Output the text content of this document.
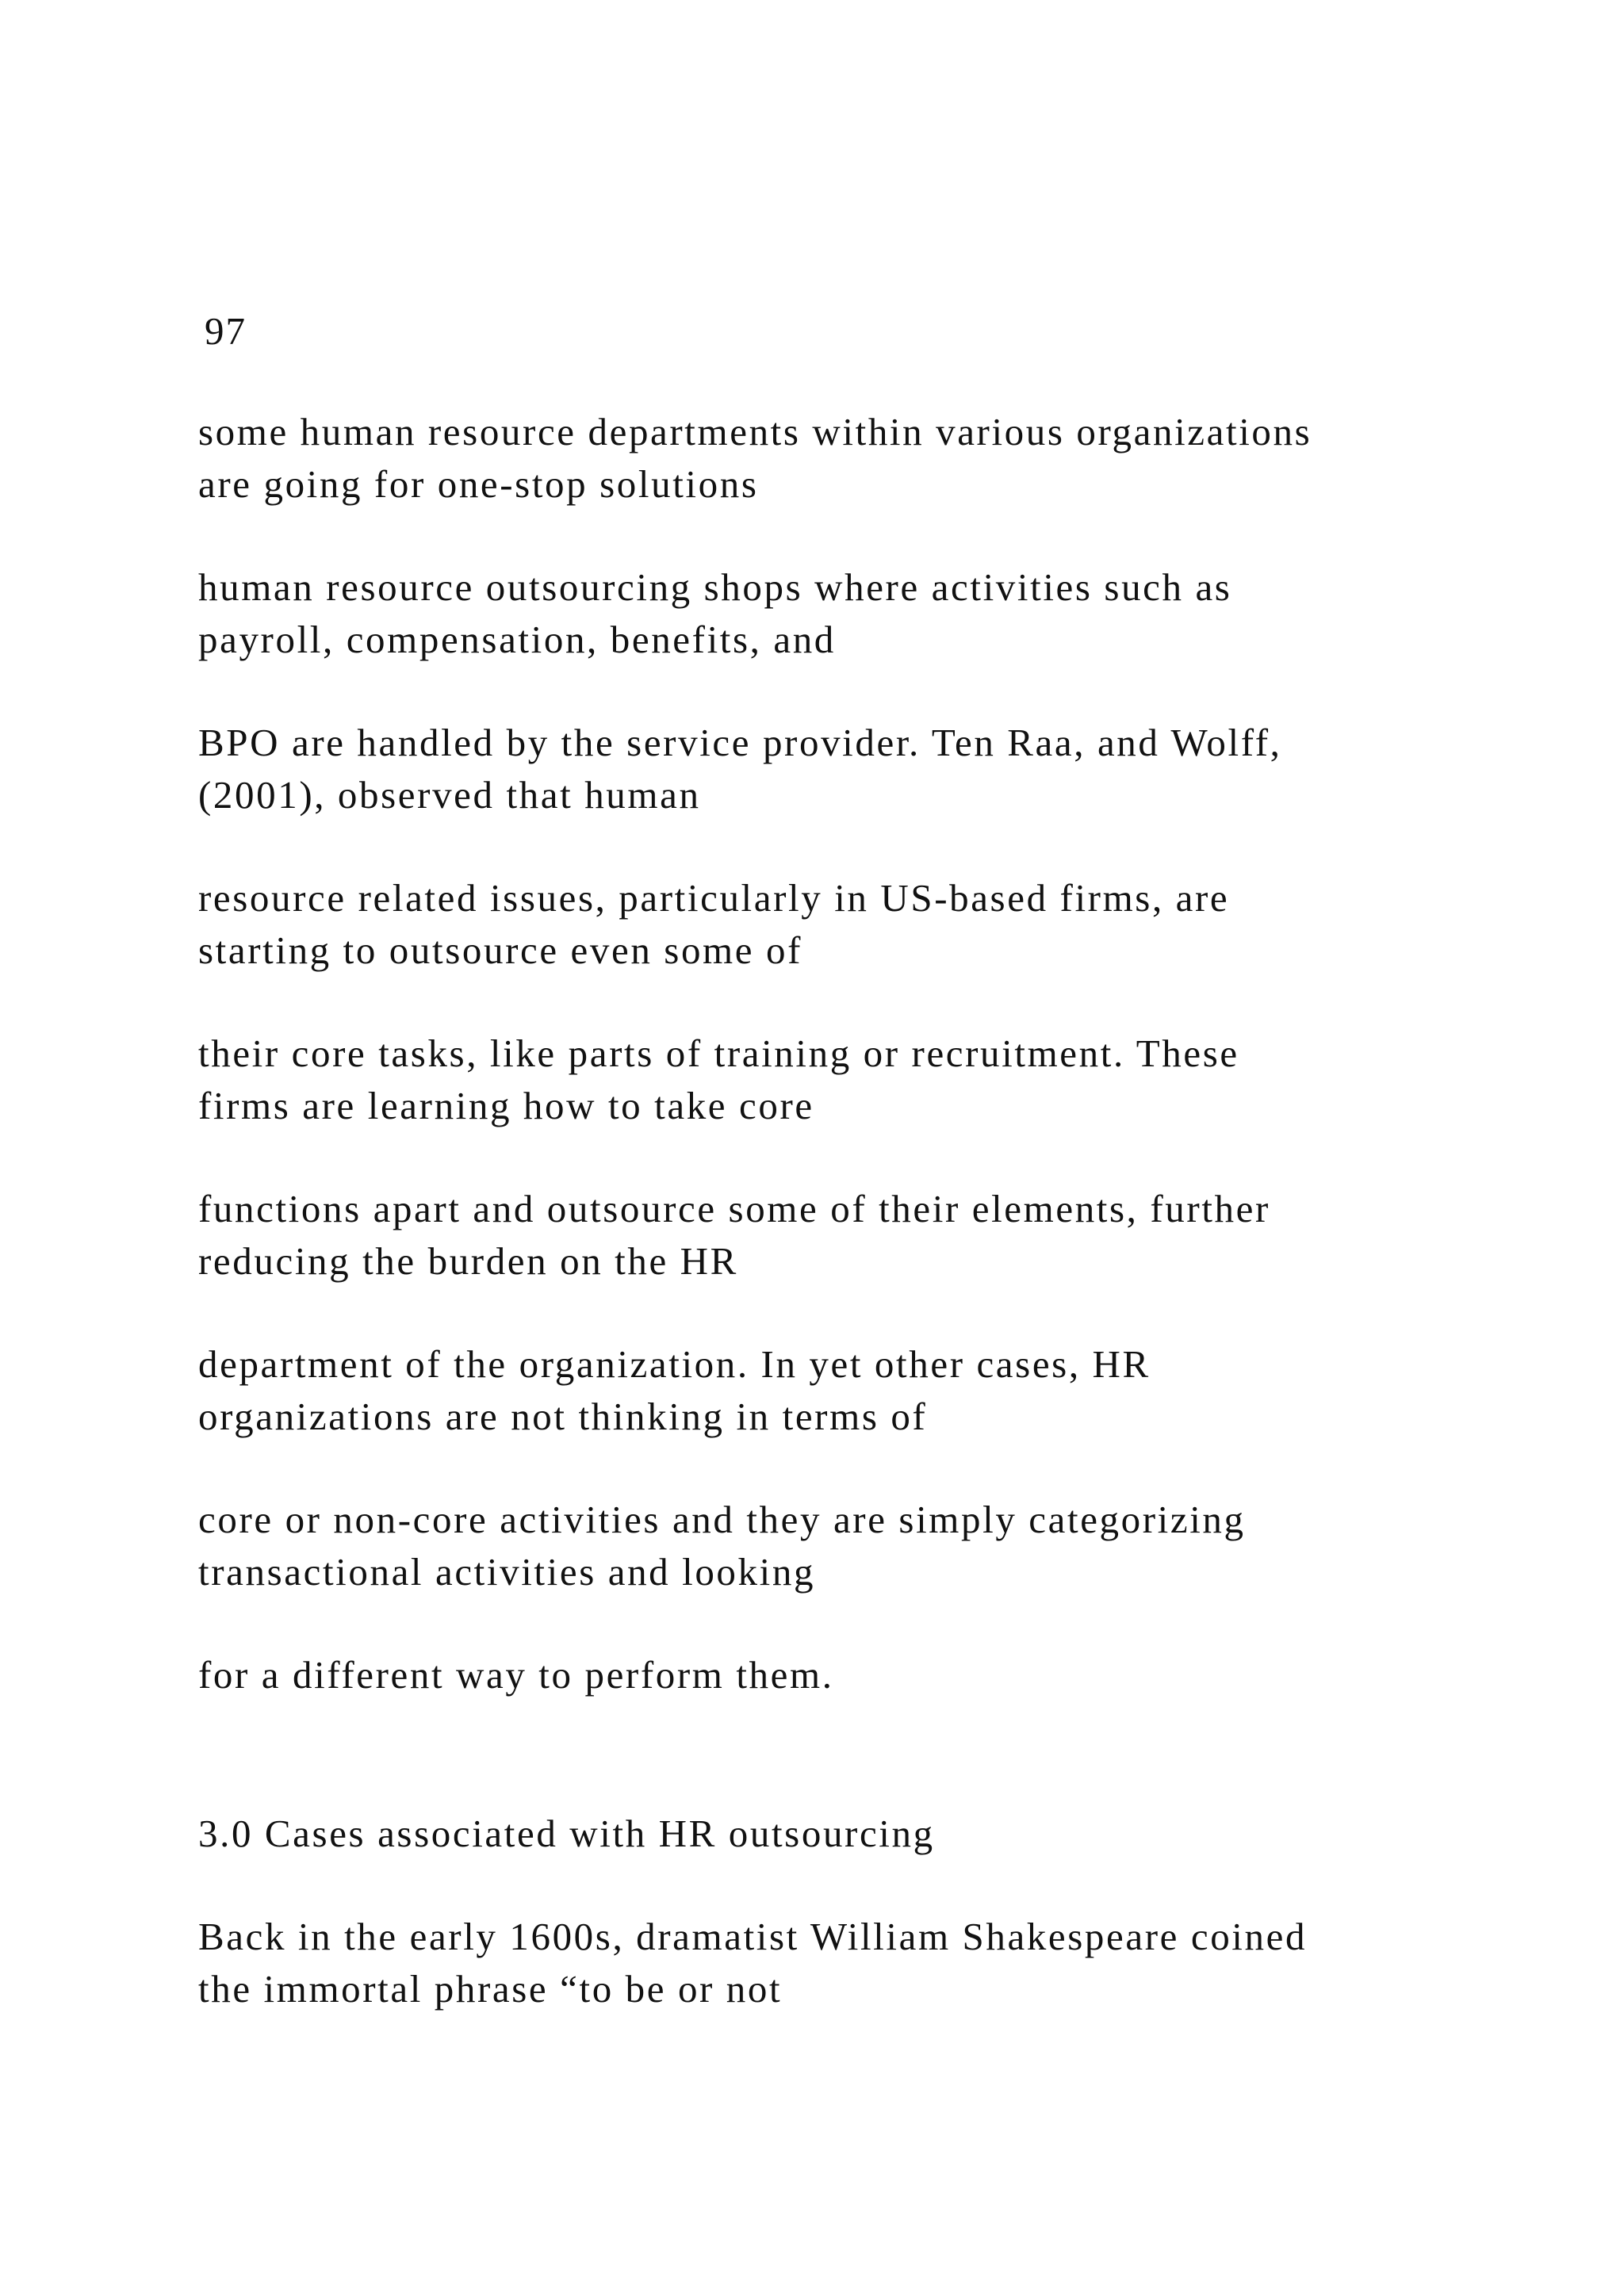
97

some human resource departments within various organizations
are going for one-stop solutions

human resource outsourcing shops where activities such as
payroll, compensation, benefits, and

BPO are handled by the service provider. Ten Raa, and Wolff,
(2001), observed that human

resource related issues, particularly in US-based firms, are
starting to outsource even some of

their core tasks, like parts of training or recruitment. These
firms are learning how to take core

functions apart and outsource some of their elements, further
reducing the burden on the HR

department of the organization. In yet other cases, HR
organizations are not thinking in terms of

core or non-core activities and they are simply categorizing
transactional activities and looking

for a different way to perform them.

3.0 Cases associated with HR outsourcing

Back in the early 1600s, dramatist William Shakespeare coined
the immortal phrase “to be or not
